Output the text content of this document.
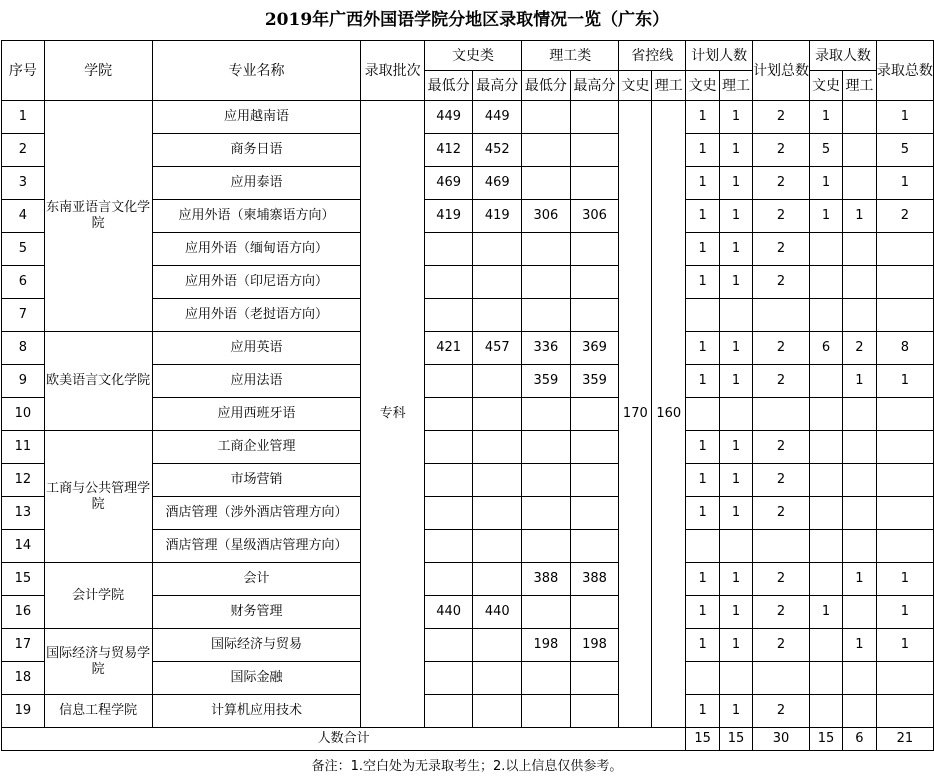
2019年广西外国语学院分地区录取情况一览（广东）
序号	学院	专业名称	录取批次	文史类		理工类		省控线		计划人数		计划总数	录取人数		录取总数
				最低分	最高分	最低分	最高分	文史	理工	文史	理工		文史	理工	
1	东南亚语言文化学院	应用越南语	专科	449	449			170	160	1	1	2	1		1
2		商务日语		412	452					1	1	2	5		5
3		应用泰语		469	469					1	1	2	1		1
4		应用外语（柬埔寨语方向）		419	419	306	306			1	1	2	1	1	2
5		应用外语（缅甸语方向）								1	1	2			
6		应用外语（印尼语方向）								1	1	2			
7		应用外语（老挝语方向）													
8	欧美语言文化学院	应用英语		421	457	336	369			1	1	2	6	2	8
9		应用法语				359	359			1	1	2		1	1
10		应用西班牙语													
11	工商与公共管理学院	工商企业管理								1	1	2			
12		市场营销								1	1	2			
13		酒店管理（涉外酒店管理方向）								1	1	2			
14		酒店管理（星级酒店管理方向）													
15	会计学院	会计				388	388			1	1	2		1	1
16		财务管理		440	440					1	1	2	1		1
17	国际经济与贸易学院	国际经济与贸易				198	198			1	1	2		1	1
18		国际金融													
19	信息工程学院	计算机应用技术								1	1	2			
人数合计										15	15	30	15	6	21
备注：1.空白处为无录取考生；2.以上信息仅供参考。
